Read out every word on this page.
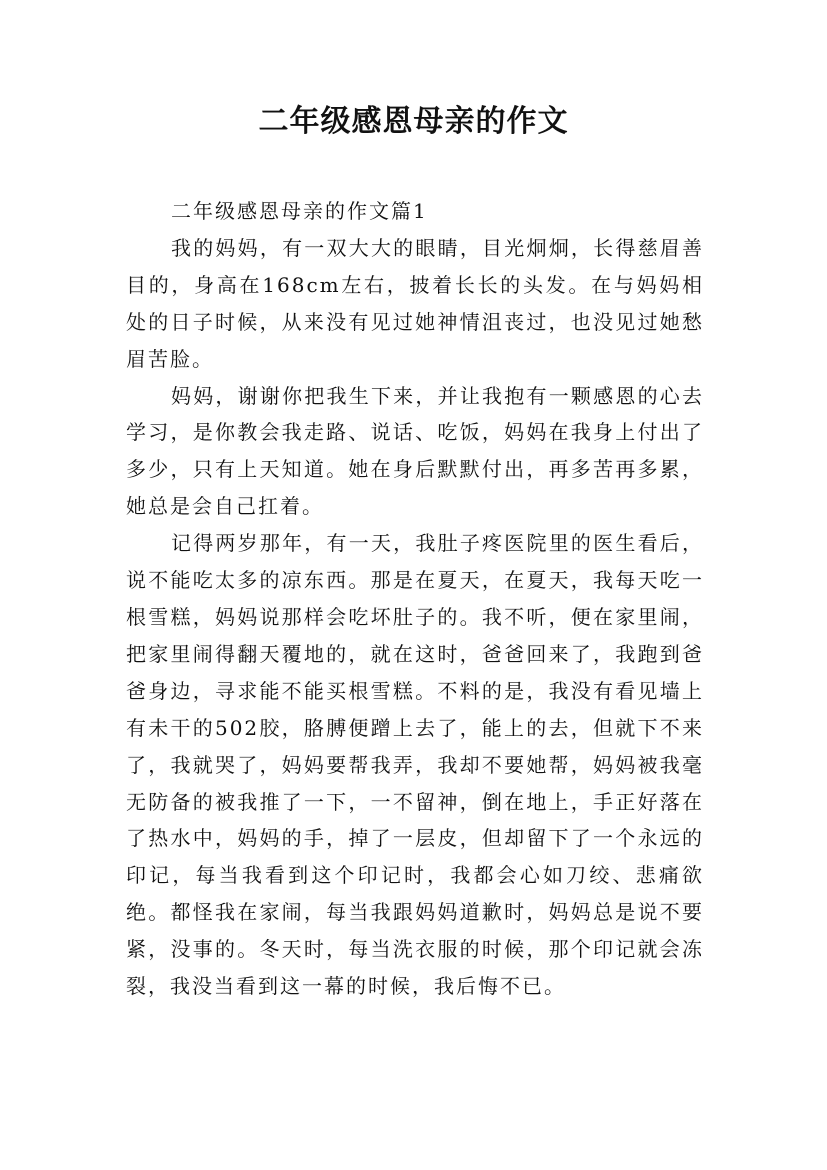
二年级感恩母亲的作文

二年级感恩母亲的作文篇1

我的妈妈，有一双大大的眼睛，目光炯炯，长得慈眉善目的，身高在168cm左右，披着长长的头发。在与妈妈相处的日子时候，从来没有见过她神情沮丧过，也没见过她愁眉苦脸。

妈妈，谢谢你把我生下来，并让我抱有一颗感恩的心去学习，是你教会我走路、说话、吃饭，妈妈在我身上付出了多少，只有上天知道。她在身后默默付出，再多苦再多累，她总是会自己扛着。

记得两岁那年，有一天，我肚子疼医院里的医生看后，说不能吃太多的凉东西。那是在夏天，在夏天，我每天吃一根雪糕，妈妈说那样会吃坏肚子的。我不听，便在家里闹，把家里闹得翻天覆地的，就在这时，爸爸回来了，我跑到爸爸身边，寻求能不能买根雪糕。不料的是，我没有看见墙上有未干的502胶，胳膊便蹭上去了，能上的去，但就下不来了，我就哭了，妈妈要帮我弄，我却不要她帮，妈妈被我毫无防备的被我推了一下，一不留神，倒在地上，手正好落在了热水中，妈妈的手，掉了一层皮，但却留下了一个永远的印记，每当我看到这个印记时，我都会心如刀绞、悲痛欲绝。都怪我在家闹，每当我跟妈妈道歉时，妈妈总是说不要紧，没事的。冬天时，每当洗衣服的时候，那个印记就会冻裂，我没当看到这一幕的时候，我后悔不已。
